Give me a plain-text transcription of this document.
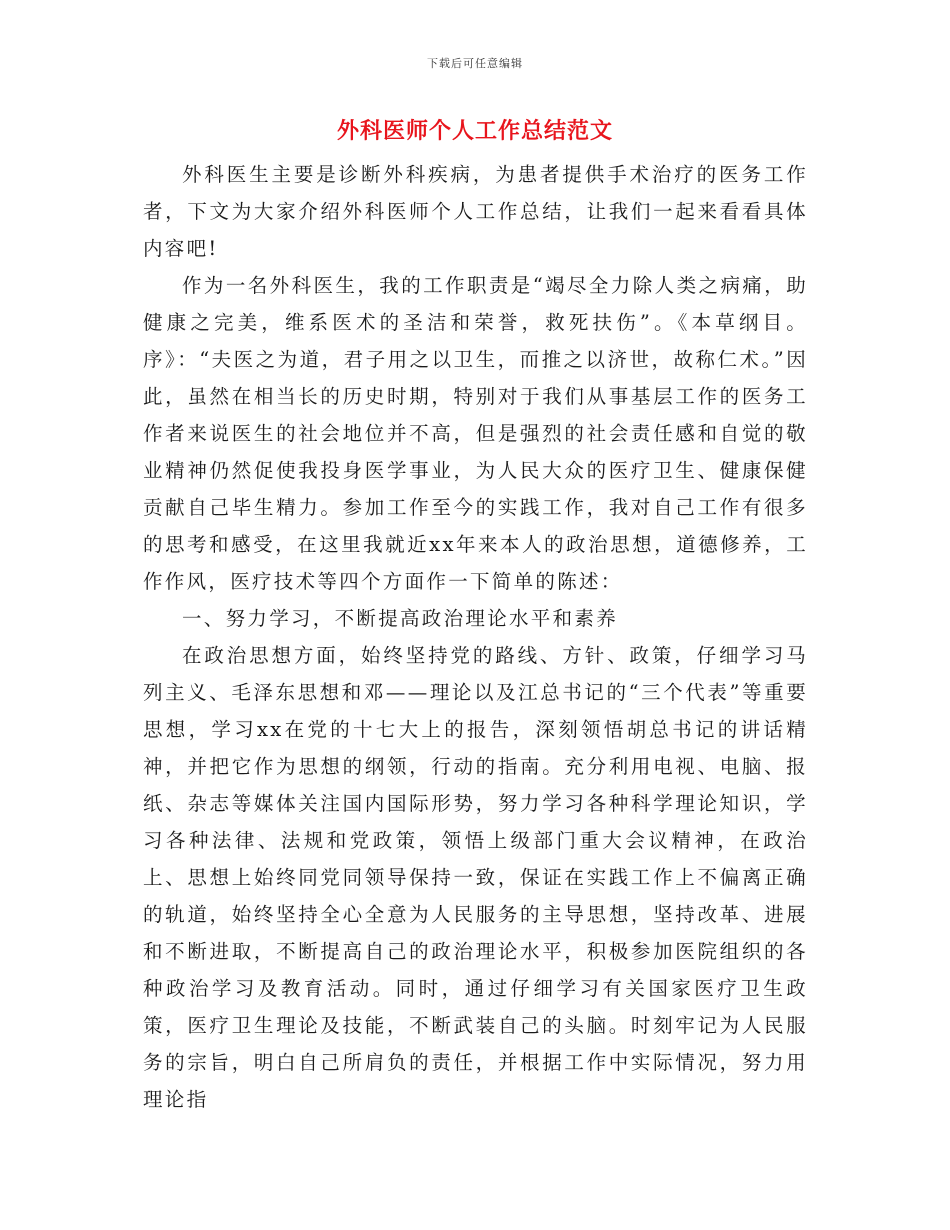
下载后可任意编辑
外科医师个人工作总结范文

外科医生主要是诊断外科疾病，为患者提供手术治疗的医务工作者，下文为大家介绍外科医师个人工作总结，让我们一起来看看具体内容吧!

作为一名外科医生，我的工作职责是“竭尽全力除人类之病痛，助健康之完美，维系医术的圣洁和荣誉，救死扶伤”。《本草纲目。序》：“夫医之为道，君子用之以卫生，而推之以济世，故称仁术。”因此，虽然在相当长的历史时期，特别对于我们从事基层工作的医务工作者来说医生的社会地位并不高，但是强烈的社会责任感和自觉的敬业精神仍然促使我投身医学事业，为人民大众的医疗卫生、健康保健贡献自己毕生精力。参加工作至今的实践工作，我对自己工作有很多的思考和感受，在这里我就近xx年来本人的政治思想，道德修养，工作作风，医疗技术等四个方面作一下简单的陈述：

一、努力学习，不断提高政治理论水平和素养

在政治思想方面，始终坚持党的路线、方针、政策，仔细学习马列主义、毛泽东思想和邓——理论以及江总书记的“三个代表”等重要思想，学习xx在党的十七大上的报告，深刻领悟胡总书记的讲话精神，并把它作为思想的纲领，行动的指南。充分利用电视、电脑、报纸、杂志等媒体关注国内国际形势，努力学习各种科学理论知识，学习各种法律、法规和党政策，领悟上级部门重大会议精神，在政治上、思想上始终同党同领导保持一致，保证在实践工作上不偏离正确的轨道，始终坚持全心全意为人民服务的主导思想，坚持改革、进展和不断进取，不断提高自己的政治理论水平，积极参加医院组织的各种政治学习及教育活动。同时，通过仔细学习有关国家医疗卫生政策，医疗卫生理论及技能，不断武装自己的头脑。时刻牢记为人民服务的宗旨，明白自己所肩负的责任，并根据工作中实际情况，努力用理论指
